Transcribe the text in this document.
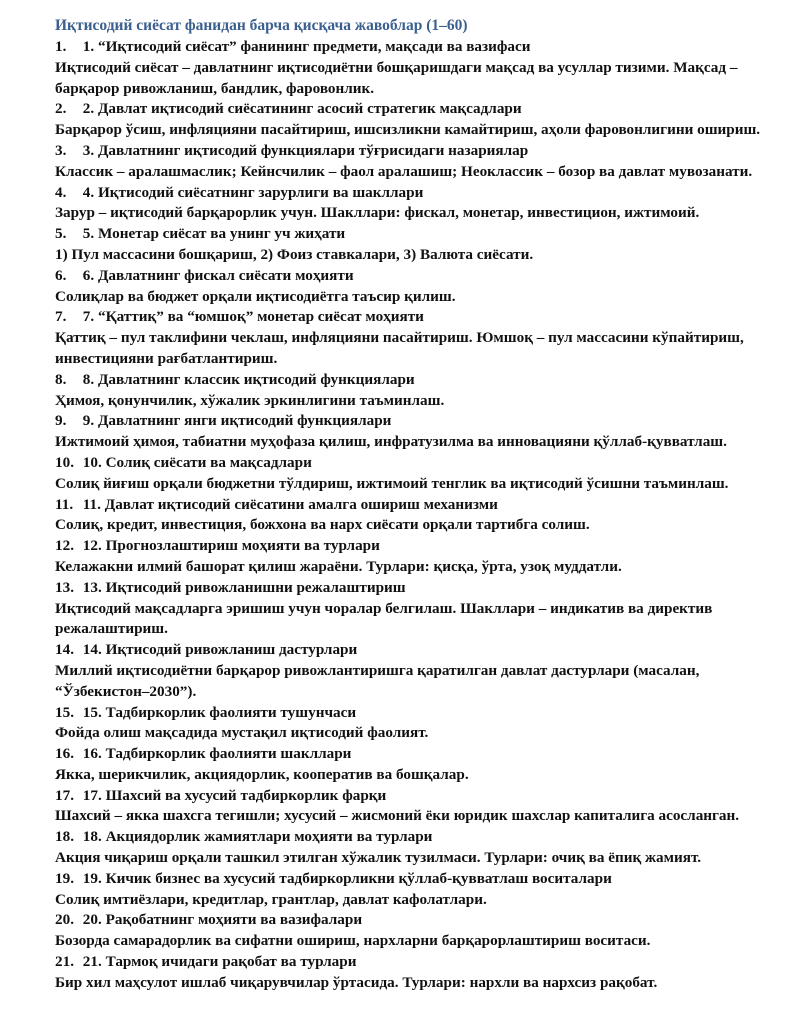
Иқтисодий сиёсат фанидан барча қисқача жавоблар (1–60)
1. 1. “Иқтисодий сиёсат” фанининг предмети, мақсади ва вазифаси
Иқтисодий сиёсат – давлатнинг иқтисодиётни бошқаришдаги мақсад ва усуллар тизими. Мақсад – барқарор ривожланиш, бандлик, фаровонлик.
2. 2. Давлат иқтисодий сиёсатининг асосий стратегик мақсадлари
Барқарор ўсиш, инфляцияни пасайтириш, ишсизликни камайтириш, аҳоли фаровонлигини ошириш.
3. 3. Давлатнинг иқтисодий функциялари тўғрисидаги назариялар
Классик – аралашмаслик; Кейнсчилик – фаол аралашиш; Неоклассик – бозор ва давлат мувозанати.
4. 4. Иқтисодий сиёсатнинг зарурлиги ва шакллари
Зарур – иқтисодий барқарорлик учун. Шакллари: фискал, монетар, инвестицион, ижтимоий.
5. 5. Монетар сиёсат ва унинг уч жиҳати
1) Пул массасини бошқариш, 2) Фоиз ставкалари, 3) Валюта сиёсати.
6. 6. Давлатнинг фискал сиёсати моҳияти
Солиқлар ва бюджет орқали иқтисодиётга таъсир қилиш.
7. 7. “Қаттиқ” ва “юмшоқ” монетар сиёсат моҳияти
Қаттиқ – пул таклифини чеклаш, инфляцияни пасайтириш. Юмшоқ – пул массасини кўпайтириш, инвестицияни рағбатлантириш.
8. 8. Давлатнинг классик иқтисодий функциялари
Ҳимоя, қонунчилик, хўжалик эркинлигини таъминлаш.
9. 9. Давлатнинг янги иқтисодий функциялари
Ижтимоий ҳимоя, табиатни муҳофаза қилиш, инфратузилма ва инновацияни қўллаб-қувватлаш.
10. 10. Солиқ сиёсати ва мақсадлари
Солиқ йиғиш орқали бюджетни тўлдириш, ижтимоий тенглик ва иқтисодий ўсишни таъминлаш.
11. 11. Давлат иқтисодий сиёсатини амалга ошириш механизми
Солиқ, кредит, инвестиция, божхона ва нарх сиёсати орқали тартибга солиш.
12. 12. Прогнозлаштириш моҳияти ва турлари
Келажакни илмий башорат қилиш жараёни. Турлари: қисқа, ўрта, узоқ муддатли.
13. 13. Иқтисодий ривожланишни режалаштириш
Иқтисодий мақсадларга эришиш учун чоралар белгилаш. Шакллари – индикатив ва директив режалаштириш.
14. 14. Иқтисодий ривожланиш дастурлари
Миллий иқтисодиётни барқарор ривожлантиришга қаратилган давлат дастурлари (масалан, “Ўзбекистон–2030”).
15. 15. Тадбиркорлик фаолияти тушунчаси
Фойда олиш мақсадида мустақил иқтисодий фаолият.
16. 16. Тадбиркорлик фаолияти шакллари
Якка, шерикчилик, акциядорлик, кооператив ва бошқалар.
17. 17. Шахсий ва хусусий тадбиркорлик фарқи
Шахсий – якка шахсга тегишли; хусусий – жисмоний ёки юридик шахслар капиталига асосланган.
18. 18. Акциядорлик жамиятлари моҳияти ва турлари
Акция чиқариш орқали ташкил этилган хўжалик тузилмаси. Турлари: очиқ ва ёпиқ жамият.
19. 19. Кичик бизнес ва хусусий тадбиркорликни қўллаб-қувватлаш воситалари
Солиқ имтиёзлари, кредитлар, грантлар, давлат кафолатлари.
20. 20. Рақобатнинг моҳияти ва вазифалари
Бозорда самарадорлик ва сифатни ошириш, нархларни барқарорлаштириш воситаси.
21. 21. Тармоқ ичидаги рақобат ва турлари
Бир хил маҳсулот ишлаб чиқарувчилар ўртасида. Турлари: нархли ва нархсиз рақобат.
